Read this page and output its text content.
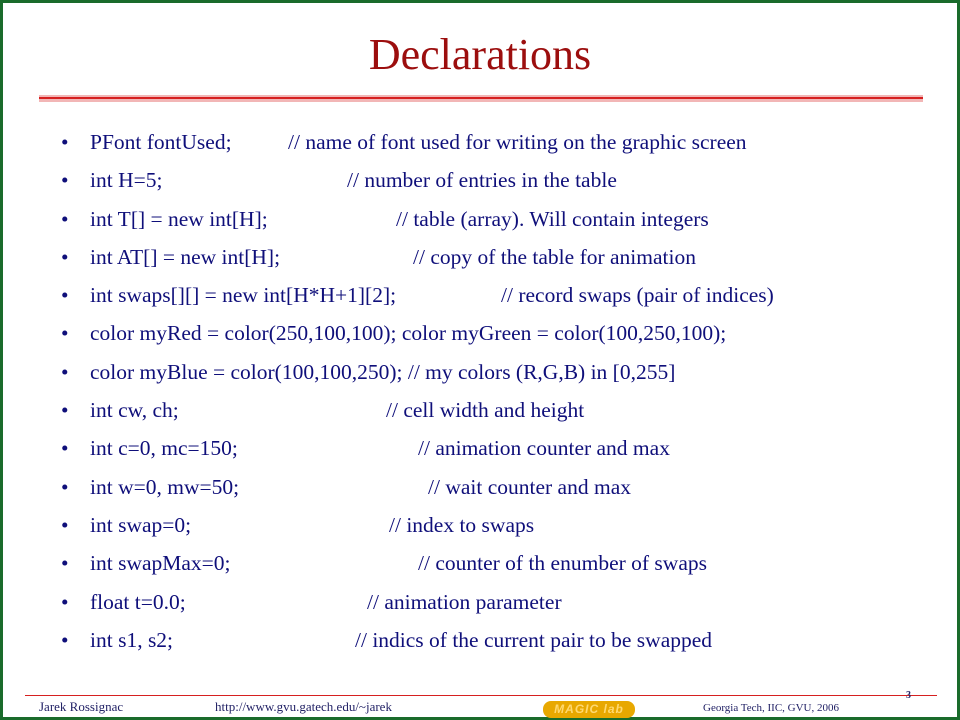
Declarations
• PFont fontUsed;	// name of font used for writing on the graphic screen
• int H=5;	// number of entries in the table
• int T[] = new int[H];	// table (array). Will contain integers
• int AT[] = new int[H];	// copy of the table for animation
• int swaps[][] = new int[H*H+1][2];	// record swaps (pair of indices)
• color myRed = color(250,100,100); color myGreen = color(100,250,100);
• color myBlue = color(100,100,250); // my colors (R,G,B) in [0,255]
• int cw, ch;	// cell width and height
• int c=0, mc=150;	// animation counter and max
• int w=0, mw=50;	// wait counter and max
• int swap=0;	// index to swaps
• int swapMax=0;	// counter of th enumber of swaps
• float t=0.0;	// animation parameter
• int s1, s2;	// indics of the current pair to be swapped
Jarek Rossignac	http://www.gvu.gatech.edu/~jarek	MAGIC lab	Georgia Tech, IIC, GVU, 2006
3
